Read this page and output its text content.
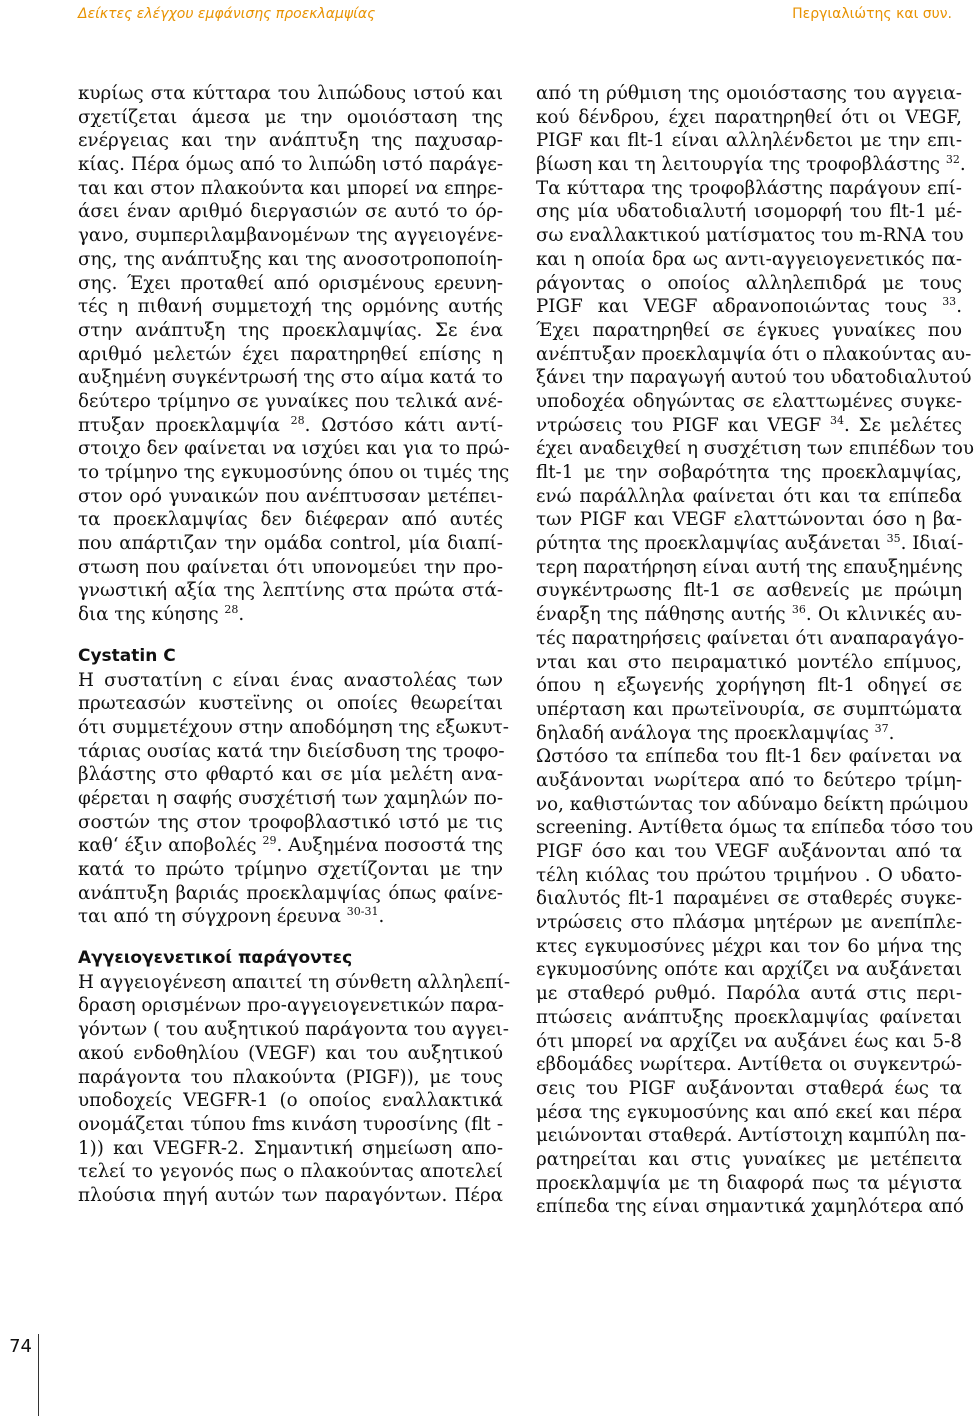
Δείκτες ελέγχου εμφάνισης προεκλαμψίας	Περγιαλιώτης και συν.
κυρίως στα κύτταρα του λιπώδους ιστού και
σχετίζεται άμεσα με την ομοιόσταση της
ενέργειας και την ανάπτυξη της παχυσαρ-
κίας. Πέρα όμως από το λιπώδη ιστό παράγε-
ται και στον πλακούντα και μπορεί να επηρε-
άσει έναν αριθμό διεργασιών σε αυτό το όρ-
γανο, συμπεριλαμβανομένων της αγγειογένε-
σης, της ανάπτυξης και της ανοσοτροποποίη-
σης. Έχει προταθεί από ορισμένους ερευνη-
τές η πιθανή συμμετοχή της ορμόνης αυτής
στην ανάπτυξη της προεκλαμψίας. Σε ένα
αριθμό μελετών έχει παρατηρηθεί επίσης η
αυξημένη συγκέντρωσή της στο αίμα κατά το
δεύτερο τρίμηνο σε γυναίκες που τελικά ανέ-
πτυξαν προεκλαμψία $^{28}$. Ωστόσο κάτι αντί-
στοιχο δεν φαίνεται να ισχύει και για το πρώ-
το τρίμηνο της εγκυμοσύνης όπου οι τιμές της
στον ορό γυναικών που ανέπτυσσαν μετέπει-
τα προεκλαμψίας δεν διέφεραν από αυτές
που απάρτιζαν την ομάδα control, μία διαπί-
στωση που φαίνεται ότι υπονομεύει την προ-
γνωστική αξία της λεπτίνης στα πρώτα στά-
δια της κύησης $^{28}$.
Cystatin C
Η συστατίνη c είναι ένας αναστολέας των
πρωτεασών κυστεϊνης οι οποίες θεωρείται
ότι συμμετέχουν στην αποδόμηση της εξωκυτ-
τάριας ουσίας κατά την διείσδυση της τροφο-
βλάστης στο φθαρτό και σε μία μελέτη ανα-
φέρεται η σαφής συσχέτισή των χαμηλών πο-
σοστών της στον τροφοβλαστικό ιστό με τις
καθ‘ έξιν αποβολές $^{29}$. Αυξημένα ποσοστά της
κατά το πρώτο τρίμηνο σχετίζονται με την
ανάπτυξη βαριάς προεκλαμψίας όπως φαίνε-
ται από τη σύγχρονη έρευνα $^{30-31}$.
Αγγειογενετικοί παράγοντες
Η αγγειογένεση απαιτεί τη σύνθετη αλληλεπί-
δραση ορισμένων προ-αγγειογενετικών παρα-
γόντων ( του αυξητικού παράγοντα του αγγει-
ακού ενδοθηλίου (VEGF) και του αυξητικού
παράγοντα του πλακούντα (PIGF)), με τους
υποδοχείς VEGFR-1 (ο οποίος εναλλακτικά
ονομάζεται τύπου fms κινάση τυροσίνης (flt -
1)) και VEGFR-2. Σημαντική σημείωση απο-
τελεί το γεγονός πως ο πλακούντας αποτελεί
πλούσια πηγή αυτών των παραγόντων. Πέρα
από τη ρύθμιση της ομοιόστασης του αγγεια-
κού δένδρου, έχει παρατηρηθεί ότι οι VEGF,
PIGF και flt-1 είναι αλληλένδετοι με την επι-
βίωση και τη λειτουργία της τροφοβλάστης $^{32}$.
Τα κύτταρα της τροφοβλάστης παράγουν επί-
σης μία υδατοδιαλυτή ισομορφή του flt-1 μέ-
σω εναλλακτικού ματίσματος του m-RNA του
και η οποία δρα ως αντι-αγγειογενετικός πα-
ράγοντας ο οποίος αλληλεπιδρά με τους
PIGF και VEGF αδρανοποιώντας τους $^{33}$.
Έχει παρατηρηθεί σε έγκυες γυναίκες που
ανέπτυξαν προεκλαμψία ότι ο πλακούντας αυ-
ξάνει την παραγωγή αυτού του υδατοδιαλυτού
υποδοχέα οδηγώντας σε ελαττωμένες συγκε-
ντρώσεις του PIGF και VEGF $^{34}$. Σε μελέτες
έχει αναδειχθεί η συσχέτιση των επιπέδων του
flt-1 με την σοβαρότητα της προεκλαμψίας,
ενώ παράλληλα φαίνεται ότι και τα επίπεδα
των PIGF και VEGF ελαττώνονται όσο η βα-
ρύτητα της προεκλαμψίας αυξάνεται $^{35}$. Ιδιαί-
τερη παρατήρηση είναι αυτή της επαυξημένης
συγκέντρωσης flt-1 σε ασθενείς με πρώιμη
έναρξη της πάθησης αυτής $^{36}$. Οι κλινικές αυ-
τές παρατηρήσεις φαίνεται ότι αναπαραγάγο-
νται και στο πειραματικό μοντέλο επίμυος,
όπου η εξωγενής χορήγηση flt-1 οδηγεί σε
υπέρταση και πρωτεϊνουρία, σε συμπτώματα
δηλαδή ανάλογα της προεκλαμψίας $^{37}$.
Ωστόσο τα επίπεδα του flt-1 δεν φαίνεται να
αυξάνονται νωρίτερα από το δεύτερο τρίμη-
νο, καθιστώντας τον αδύναμο δείκτη πρώιμου
screening. Αντίθετα όμως τα επίπεδα τόσο του
PIGF όσο και του VEGF αυξάνονται από τα
τέλη κιόλας του πρώτου τριμήνου . Ο υδατο-
διαλυτός flt-1 παραμένει σε σταθερές συγκε-
ντρώσεις στο πλάσμα μητέρων με ανεπίπλε-
κτες εγκυμοσύνες μέχρι και τον 6ο μήνα της
εγκυμοσύνης οπότε και αρχίζει να αυξάνεται
με σταθερό ρυθμό. Παρόλα αυτά στις περι-
πτώσεις ανάπτυξης προεκλαμψίας φαίνεται
ότι μπορεί να αρχίζει να αυξάνει έως και 5-8
εβδομάδες νωρίτερα. Αντίθετα οι συγκεντρώ-
σεις του PIGF αυξάνονται σταθερά έως τα
μέσα της εγκυμοσύνης και από εκεί και πέρα
μειώνονται σταθερά. Αντίστοιχη καμπύλη πα-
ρατηρείται και στις γυναίκες με μετέπειτα
προεκλαμψία με τη διαφορά πως τα μέγιστα
επίπεδα της είναι σημαντικά χαμηλότερα από
74
